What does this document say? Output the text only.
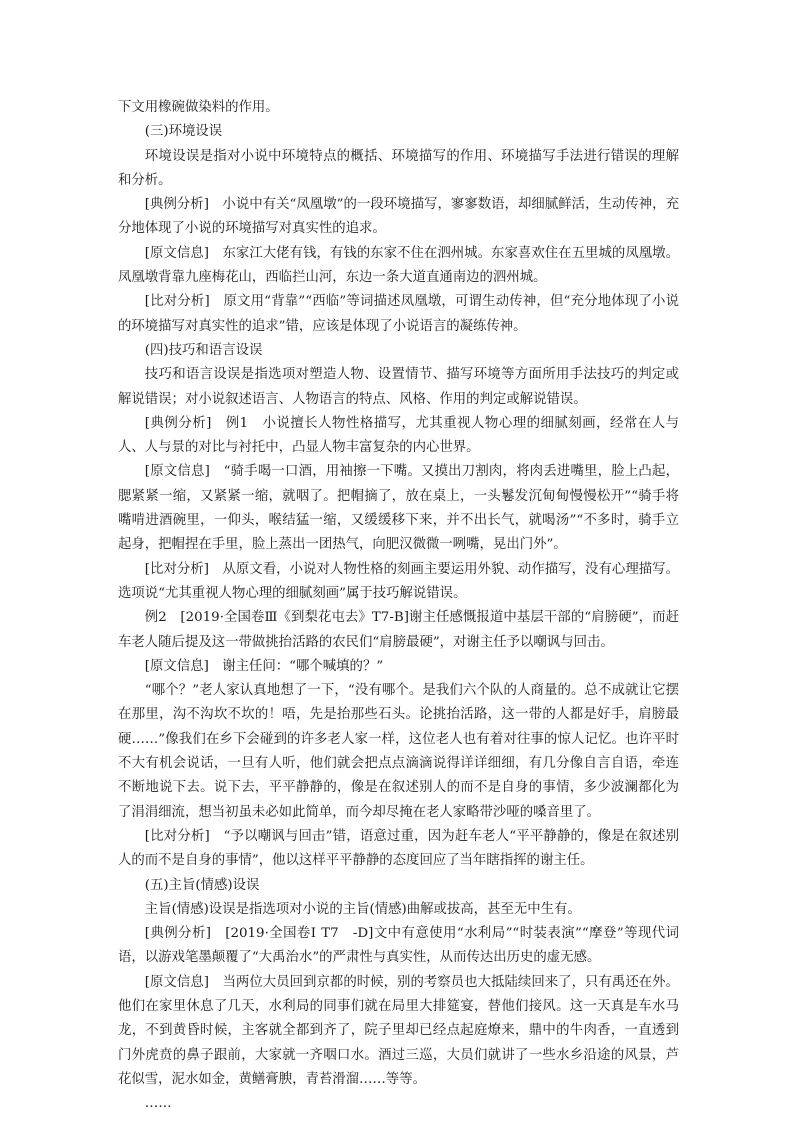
下文用橡碗做染料的作用。

(三)环境设误

环境设误是指对小说中环境特点的概括、环境描写的作用、环境描写手法进行错误的理解和分析。

[典例分析]　小说中有关“凤凰墩”的一段环境描写，寥寥数语，却细腻鲜活，生动传神，充分地体现了小说的环境描写对真实性的追求。

[原文信息]　东家江大佬有钱，有钱的东家不住在泗州城。东家喜欢住在五里城的凤凰墩。凤凰墩背靠九座梅花山，西临拦山河，东边一条大道直通南边的泗州城。

[比对分析]　原文用“背靠”“西临”等词描述凤凰墩，可谓生动传神，但“充分地体现了小说的环境描写对真实性的追求”错，应该是体现了小说语言的凝练传神。

(四)技巧和语言设误

技巧和语言设误是指选项对塑造人物、设置情节、描写环境等方面所用手法技巧的判定或解说错误；对小说叙述语言、人物语言的特点、风格、作用的判定或解说错误。

[典例分析]　例1　小说擅长人物性格描写，尤其重视人物心理的细腻刻画，经常在人与人、人与景的对比与衬托中，凸显人物丰富复杂的内心世界。

[原文信息]　“骑手喝一口酒，用袖擦一下嘴。又摸出刀割肉，将肉丢进嘴里，脸上凸起，腮紧紧一缩，又紧紧一缩，就咽了。把帽摘了，放在桌上，一头鬈发沉甸甸慢慢松开”“骑手将嘴啃进酒碗里，一仰头，喉结猛一缩，又缓缓移下来，并不出长气，就喝汤”“不多时，骑手立起身，把帽捏在手里，脸上蒸出一团热气，向肥汉微微一咧嘴，晃出门外”。

[比对分析]　从原文看，小说对人物性格的刻画主要运用外貌、动作描写，没有心理描写。选项说“尤其重视人物心理的细腻刻画”属于技巧解说错误。

例2　[2019·全国卷Ⅲ《到梨花屯去》T7-B]谢主任感慨报道中基层干部的“肩膀硬”，而赶车老人随后提及这一带做挑抬活路的农民们“肩膀最硬”，对谢主任予以嘲讽与回击。

[原文信息]　谢主任问：“哪个喊填的？”

“哪个？”老人家认真地想了一下，“没有哪个。是我们六个队的人商量的。总不成就让它摆在那里，沟不沟坎不坎的！唔，先是抬那些石头。论挑抬活路，这一带的人都是好手，肩膀最硬……”像我们在乡下会碰到的许多老人家一样，这位老人也有着对往事的惊人记忆。也许平时不大有机会说话，一旦有人听，他们就会把点点滴滴说得详详细细，有几分像自言自语，牵连不断地说下去。说下去，平平静静的，像是在叙述别人的而不是自身的事情，多少波澜都化为了涓涓细流，想当初虽未必如此简单，而今却尽掩在老人家略带沙哑的嗓音里了。

[比对分析]　“予以嘲讽与回击”错，语意过重，因为赶车老人“平平静静的，像是在叙述别人的而不是自身的事情”，他以这样平平静静的态度回应了当年瞎指挥的谢主任。

(五)主旨(情感)设误

主旨(情感)设误是指选项对小说的主旨(情感)曲解或拔高，甚至无中生有。

[典例分析]　[2019·全国卷Ⅰ T7　-D]文中有意使用“水利局”“时装表演”“摩登”等现代词语，以游戏笔墨颠覆了“大禹治水”的严肃性与真实性，从而传达出历史的虚无感。

[原文信息]　当两位大员回到京都的时候，别的考察员也大抵陆续回来了，只有禹还在外。他们在家里休息了几天，水利局的同事们就在局里大排筵宴，替他们接风。这一天真是车水马龙，不到黄昏时候，主客就全都到齐了，院子里却已经点起庭燎来，鼎中的牛肉香，一直透到门外虎贲的鼻子跟前，大家就一齐咽口水。酒过三巡，大员们就讲了一些水乡沿途的风景，芦花似雪，泥水如金，黄鳝膏腴，青苔滑溜……等等。

……
